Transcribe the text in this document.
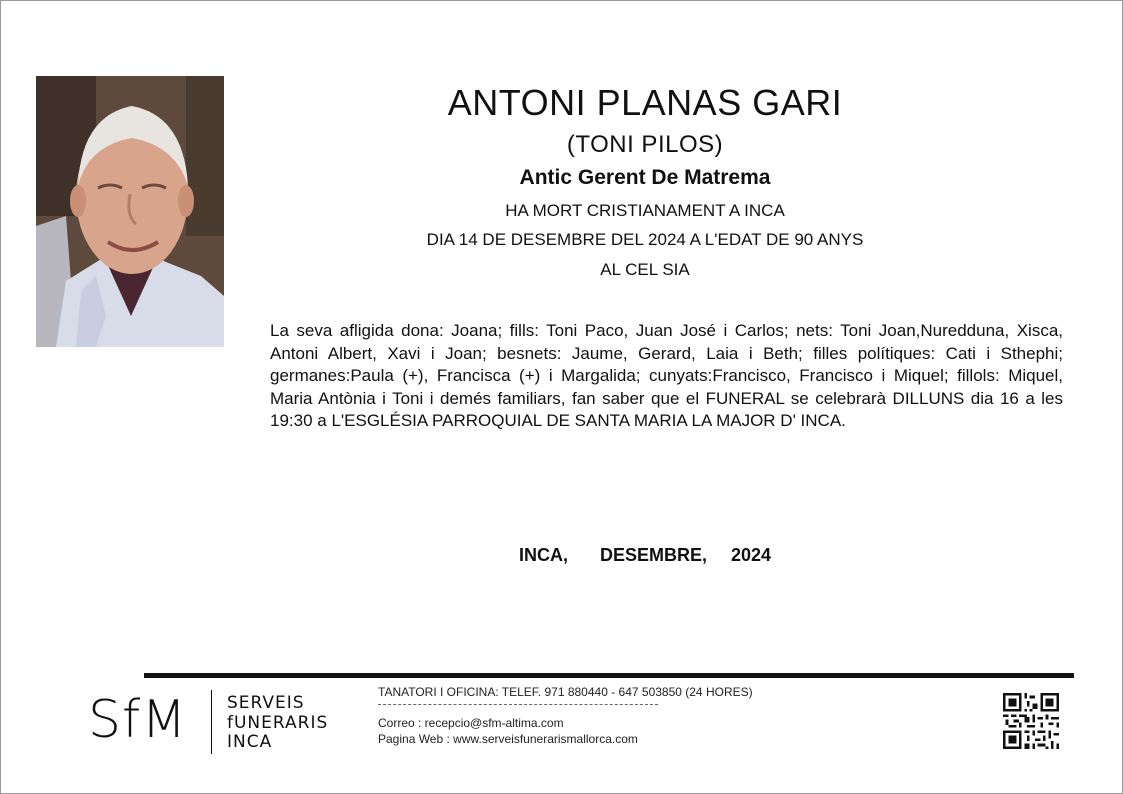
ANTONI PLANAS GARI
(TONI PILOS)
Antic Gerent De Matrema
HA MORT CRISTIANAMENT A INCA
DIA 14 DE DESEMBRE DEL 2024 A L'EDAT DE 90 ANYS
AL CEL SIA
La seva afligida dona: Joana; fills: Toni Paco, Juan José i Carlos; nets: Toni Joan,Nuredduna, Xisca, Antoni Albert, Xavi i Joan; besnets: Jaume, Gerard, Laia i Beth; filles polítiques: Cati i Sthephi; germanes:Paula (+), Francisca (+) i Margalida; cunyats:Francisco, Francisco i Miquel; fillols: Miquel, Maria Antònia i Toni i demés familiars, fan saber que el FUNERAL se celebrarà DILLUNS dia 16 a les 19:30 a L'ESGLÉSIA PARROQUIAL DE SANTA MARIA LA MAJOR D' INCA.
INCA,    DESEMBRE,   2024
SfM SERVEIS
fUNERARIS
INCA
TANATORI I OFICINA: TELEF. 971 880440 - 647 503850 (24 HORES)
Correo : recepcio@sfm-altima.com
Pagina Web : www.serveisfunerarismallorca.com
